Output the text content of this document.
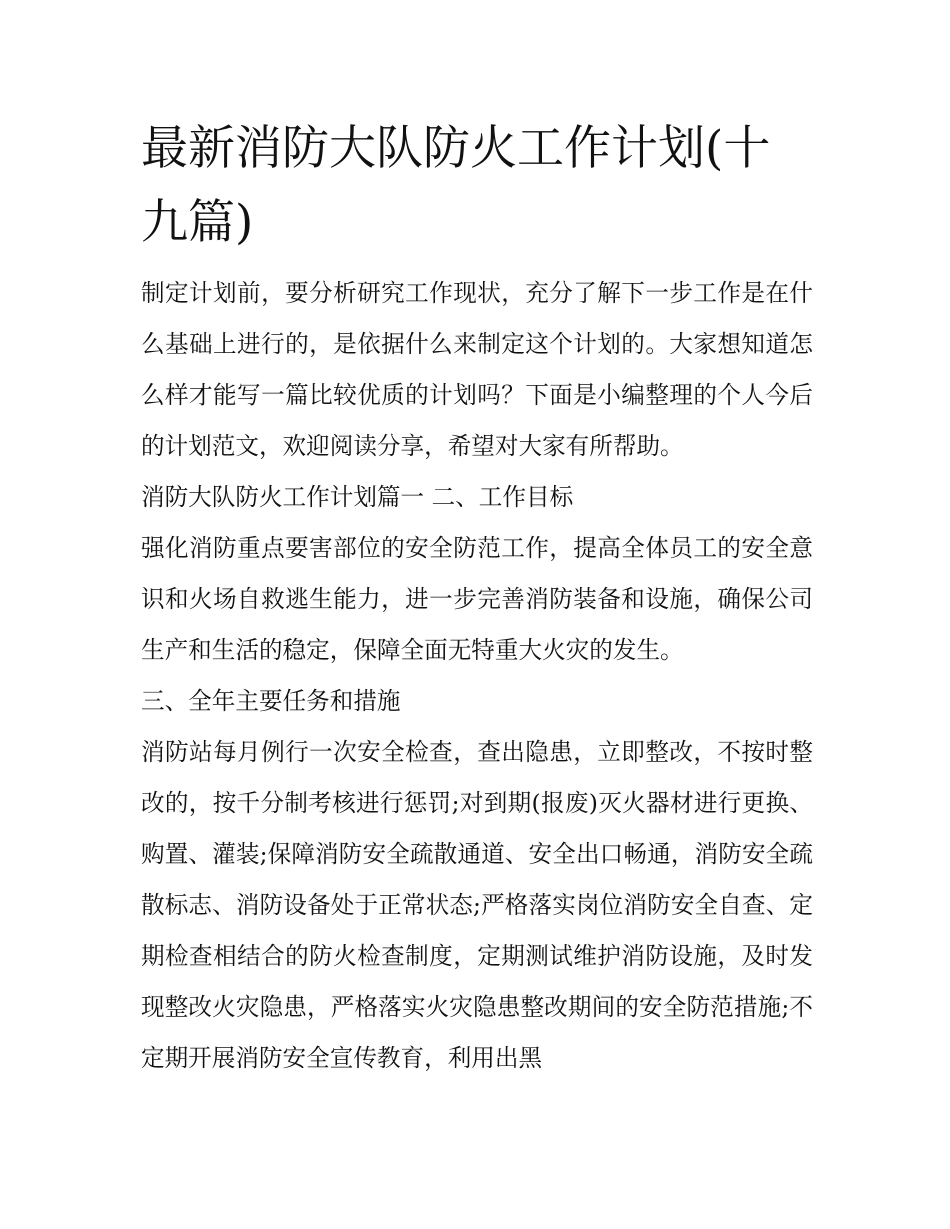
最新消防大队防火工作计划(十九篇)

制定计划前，要分析研究工作现状，充分了解下一步工作是在什么基础上进行的，是依据什么来制定这个计划的。大家想知道怎么样才能写一篇比较优质的计划吗？下面是小编整理的个人今后的计划范文，欢迎阅读分享，希望对大家有所帮助。

消防大队防火工作计划篇一 二、工作目标

强化消防重点要害部位的安全防范工作，提高全体员工的安全意识和火场自救逃生能力，进一步完善消防装备和设施，确保公司生产和生活的稳定，保障全面无特重大火灾的发生。

三、全年主要任务和措施

消防站每月例行一次安全检查，查出隐患，立即整改，不按时整改的，按千分制考核进行惩罚;对到期(报废)灭火器材进行更换、购置、灌装;保障消防安全疏散通道、安全出口畅通，消防安全疏散标志、消防设备处于正常状态;严格落实岗位消防安全自查、定期检查相结合的防火检查制度，定期测试维护消防设施，及时发现整改火灾隐患，严格落实火灾隐患整改期间的安全防范措施;不定期开展消防安全宣传教育，利用出黑
